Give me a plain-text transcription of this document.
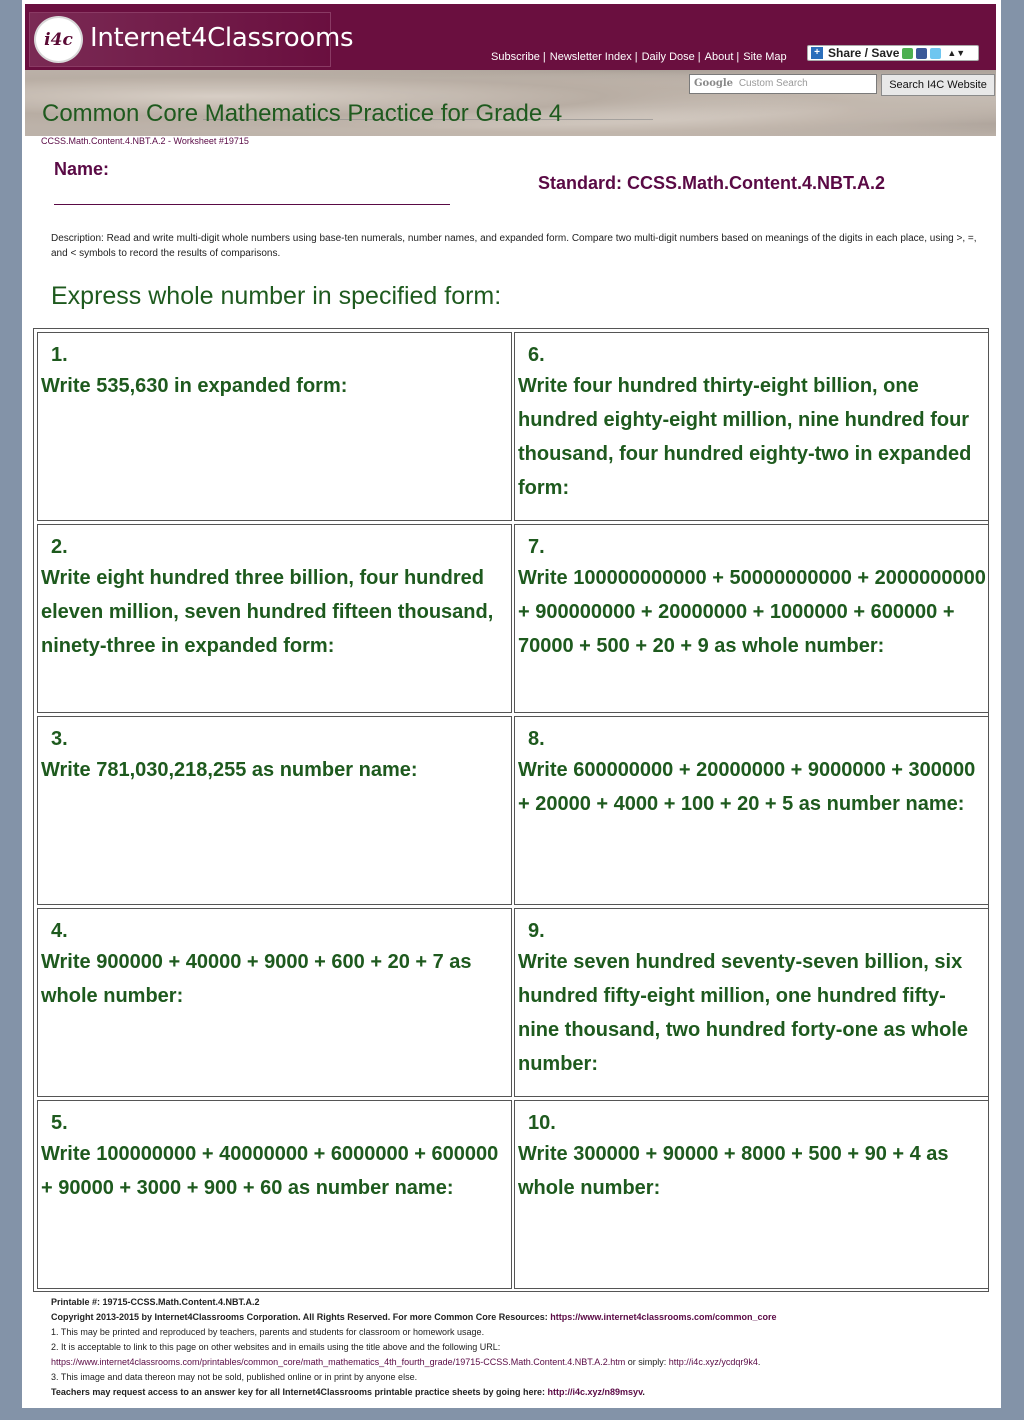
i4c Internet4Classrooms
Subscribe | Newsletter Index | Daily Dose | About | Site Map	+ Share / Save	▲▼
Google Custom Search	Search I4C Website
Common Core Mathematics Practice for Grade 4
CCSS.Math.Content.4.NBT.A.2 - Worksheet #19715
Name:
Standard: CCSS.Math.Content.4.NBT.A.2
Description: Read and write multi-digit whole numbers using base-ten numerals, number names, and expanded form. Compare two multi-digit numbers based on meanings of the digits in each place, using >, =, and < symbols to record the results of comparisons.
Express whole number in specified form:
1.
Write 535,630 in expanded form:
6.
Write four hundred thirty-eight billion, one hundred eighty-eight million, nine hundred four thousand, four hundred eighty-two in expanded form:
2.
Write eight hundred three billion, four hundred eleven million, seven hundred fifteen thousand, ninety-three in expanded form:
7.
Write 100000000000 + 50000000000 + 2000000000 + 900000000 + 20000000 + 1000000 + 600000 + 70000 + 500 + 20 + 9 as whole number:
3.
Write 781,030,218,255 as number name:
8.
Write 600000000 + 20000000 + 9000000 + 300000 + 20000 + 4000 + 100 + 20 + 5 as number name:
4.
Write 900000 + 40000 + 9000 + 600 + 20 + 7 as whole number:
9.
Write seven hundred seventy-seven billion, six hundred fifty-eight million, one hundred fifty-nine thousand, two hundred forty-one as whole number:
5.
Write 100000000 + 40000000 + 6000000 + 600000 + 90000 + 3000 + 900 + 60 as number name:
10.
Write 300000 + 90000 + 8000 + 500 + 90 + 4 as whole number:
Printable #: 19715-CCSS.Math.Content.4.NBT.A.2
Copyright 2013-2015 by Internet4Classrooms Corporation. All Rights Reserved. For more Common Core Resources: https://www.internet4classrooms.com/common_core
1. This may be printed and reproduced by teachers, parents and students for classroom or homework usage.
2. It is acceptable to link to this page on other websites and in emails using the title above and the following URL:
https://www.internet4classrooms.com/printables/common_core/math_mathematics_4th_fourth_grade/19715-CCSS.Math.Content.4.NBT.A.2.htm or simply: http://i4c.xyz/ycdqr9k4.
3. This image and data thereon may not be sold, published online or in print by anyone else.
Teachers may request access to an answer key for all Internet4Classrooms printable practice sheets by going here: http://i4c.xyz/n89msyv.
